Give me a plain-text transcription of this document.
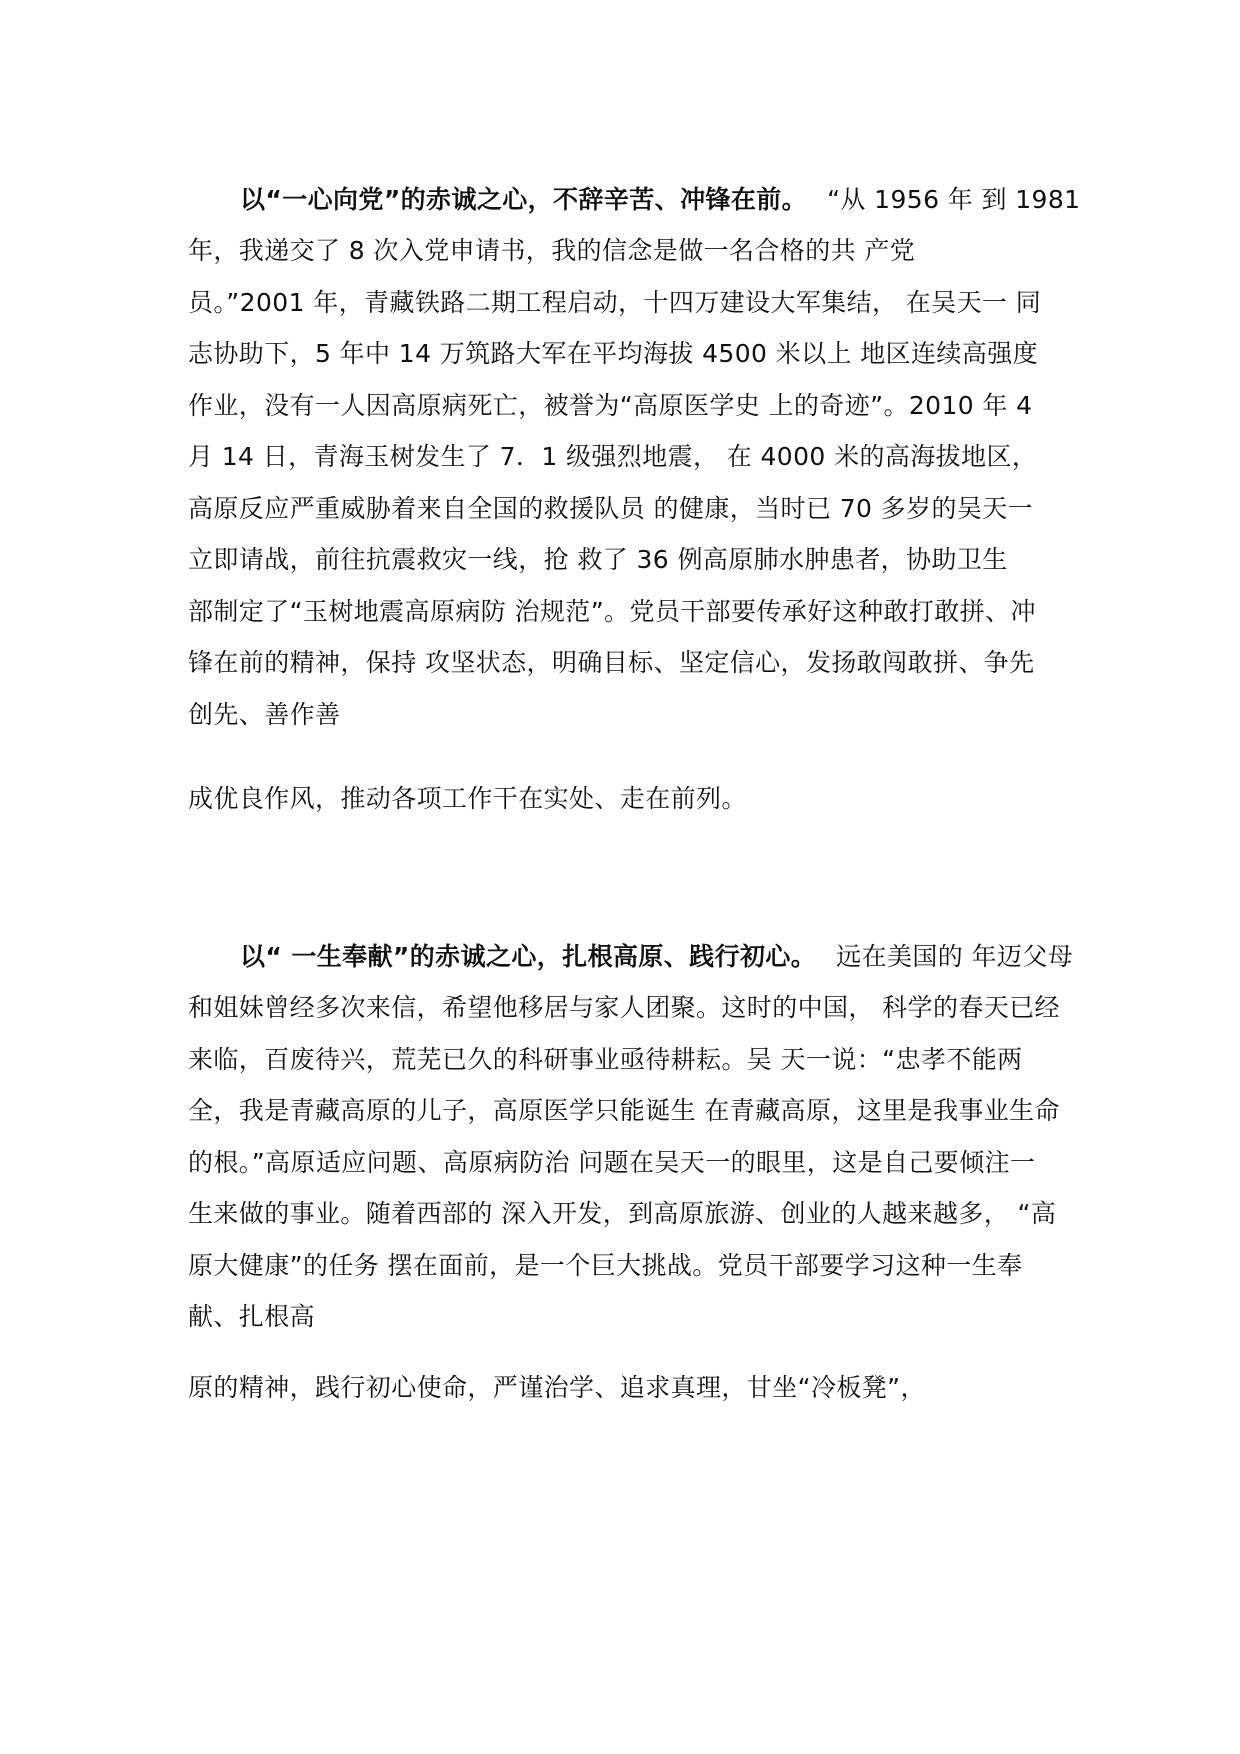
以“一心向党”的赤诚之心，不辞辛苦、冲锋在前。 “从 1956 年 到 1981

年，我递交了 8 次入党申请书，我的信念是做一名合格的共 产党

员。”2001 年，青藏铁路二期工程启动，十四万建设大军集结， 在吴天一 同

志协助下，5 年中 14 万筑路大军在平均海拔 4500 米以上 地区连续高强度

作业，没有一人因高原病死亡，被誉为“高原医学史 上的奇迹”。2010 年 4

月 14 日，青海玉树发生了 7．1 级强烈地震， 在 4000 米的高海拔地区，

高原反应严重威胁着来自全国的救援队员 的健康，当时已 70 多岁的吴天一

立即请战，前往抗震救灾一线，抢 救了 36 例高原肺水肿患者，协助卫生

部制定了“玉树地震高原病防 治规范”。党员干部要传承好这种敢打敢拼、冲

锋在前的精神，保持 攻坚状态，明确目标、坚定信心，发扬敢闯敢拼、争先

创先、善作善

成优良作风，推动各项工作干在实处、走在前列。

以“ 一生奉献”的赤诚之心，扎根高原、践行初心。 远在美国的 年迈父母

和姐妹曾经多次来信，希望他移居与家人团聚。这时的中国， 科学的春天已经

来临，百废待兴，荒芜已久的科研事业亟待耕耘。吴 天一说：“忠孝不能两

全，我是青藏高原的儿子，高原医学只能诞生 在青藏高原，这里是我事业生命

的根。”高原适应问题、高原病防治 问题在吴天一的眼里，这是自己要倾注一

生来做的事业。随着西部的 深入开发，到高原旅游、创业的人越来越多， “高

原大健康”的任务 摆在面前，是一个巨大挑战。党员干部要学习这种一生奉

献、扎根高

原的精神，践行初心使命，严谨治学、追求真理，甘坐“冷板凳”，
